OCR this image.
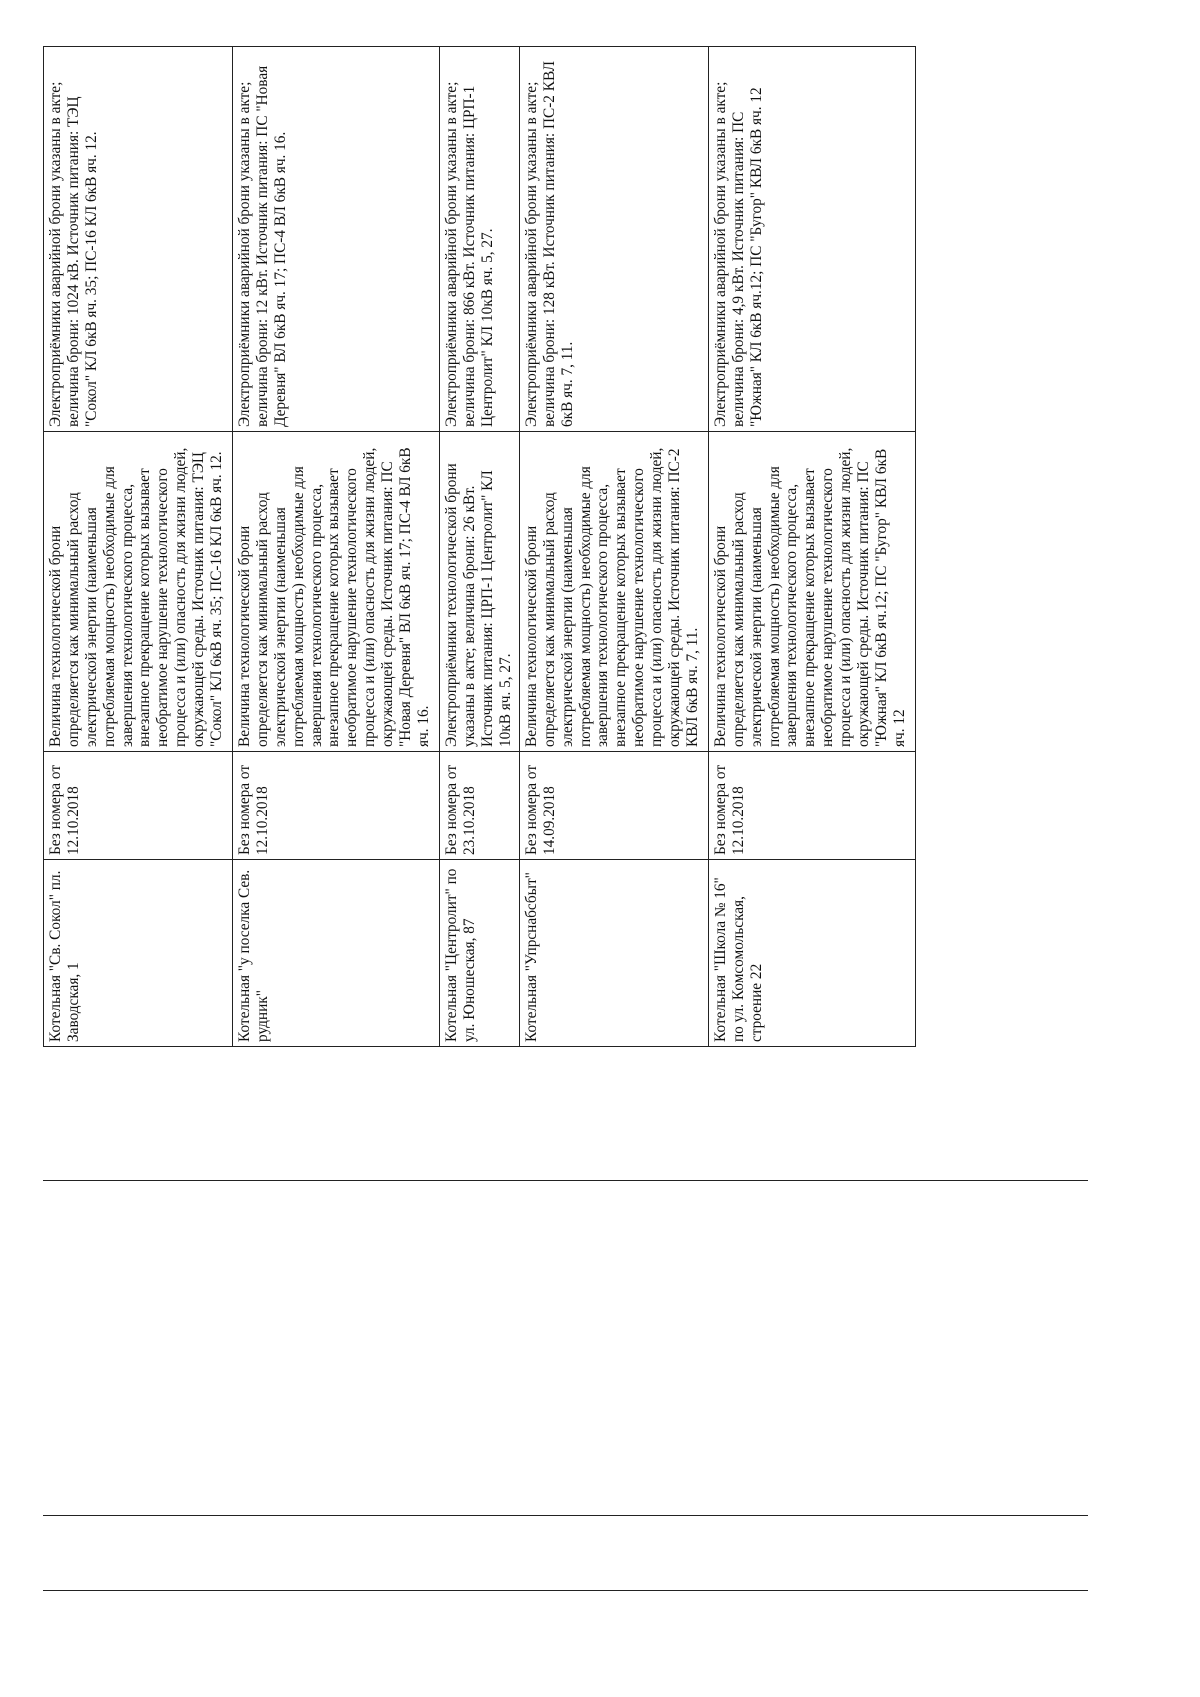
Котельная "Св. Сокол" пл. Заводская, 1	Без номера от 12.10.2018	Величина технологической брони определяется как минимальный расход электрической энергии (наименьшая потребляемая мощность) необходимые для завершения технологического процесса, внезапное прекращение которых вызывает необратимое нарушение технологического процесса и (или) опасность для жизни людей, окружающей среды. Источник питания: ТЭЦ "Сокол" КЛ 6кВ яч. 35; ПС-16 КЛ 6кВ яч. 12.	Электроприёмники аварийной брони указаны в акте; величина брони: 1024 кВ. Источник питания: ТЭЦ "Сокол" КЛ 6кВ яч. 35; ПС-16 КЛ 6кВ яч. 12.
Котельная "у поселка Сев. рудник"	Без номера от 12.10.2018	Величина технологической брони определяется как минимальный расход электрической энергии (наименьшая потребляемая мощность) необходимые для завершения технологического процесса, внезапное прекращение которых вызывает необратимое нарушение технологического процесса и (или) опасность для жизни людей, окружающей среды. Источник питания: ПС "Новая Деревня" ВЛ 6кВ яч. 17; ПС-4 ВЛ 6кВ яч. 16.	Электроприёмники аварийной брони указаны в акте; величина брони: 12 кВт. Источник питания: ПС "Новая Деревня" ВЛ 6кВ яч. 17; ПС-4 ВЛ 6кВ яч. 16.
Котельная "Центролит" по ул. Юношеская, 87	Без номера от 23.10.2018	Электроприёмники технологической брони указаны в акте; величина брони: 26 кВт. Источник питания: ЦРП-1 Центролит" КЛ 10кВ яч. 5, 27.	Электроприёмники аварийной брони указаны в акте; величина брони: 866 кВт. Источник питания: ЦРП-1 Центролит" КЛ 10кВ яч. 5, 27.
Котельная "Упрснабсбыт"	Без номера от 14.09.2018	Величина технологической брони определяется как минимальный расход электрической энергии (наименьшая потребляемая мощность) необходимые для завершения технологического процесса, внезапное прекращение которых вызывает необратимое нарушение технологического процесса и (или) опасность для жизни людей, окружающей среды. Источник питания: ПС-2 КВЛ 6кВ яч. 7, 11.	Электроприёмники аварийной брони указаны в акте; величина брони: 128 кВт. Источник питания: ПС-2 КВЛ 6кВ яч. 7, 11.
Котельная "Школа № 16" по ул. Комсомольская, строение 22	Без номера от 12.10.2018	Величина технологической брони определяется как минимальный расход электрической энергии (наименьшая потребляемая мощность) необходимые для завершения технологического процесса, внезапное прекращение которых вызывает необратимое нарушение технологического процесса и (или) опасность для жизни людей, окружающей среды. Источник питания: ПС "Южная" КЛ 6кВ яч.12; ПС "Бугор" КВЛ 6кВ яч. 12	Электроприёмники аварийной брони указаны в акте; величина брони: 4,9 кВт. Источник питания: ПС "Южная" КЛ 6кВ яч.12; ПС "Бугор" КВЛ 6кВ яч. 12
